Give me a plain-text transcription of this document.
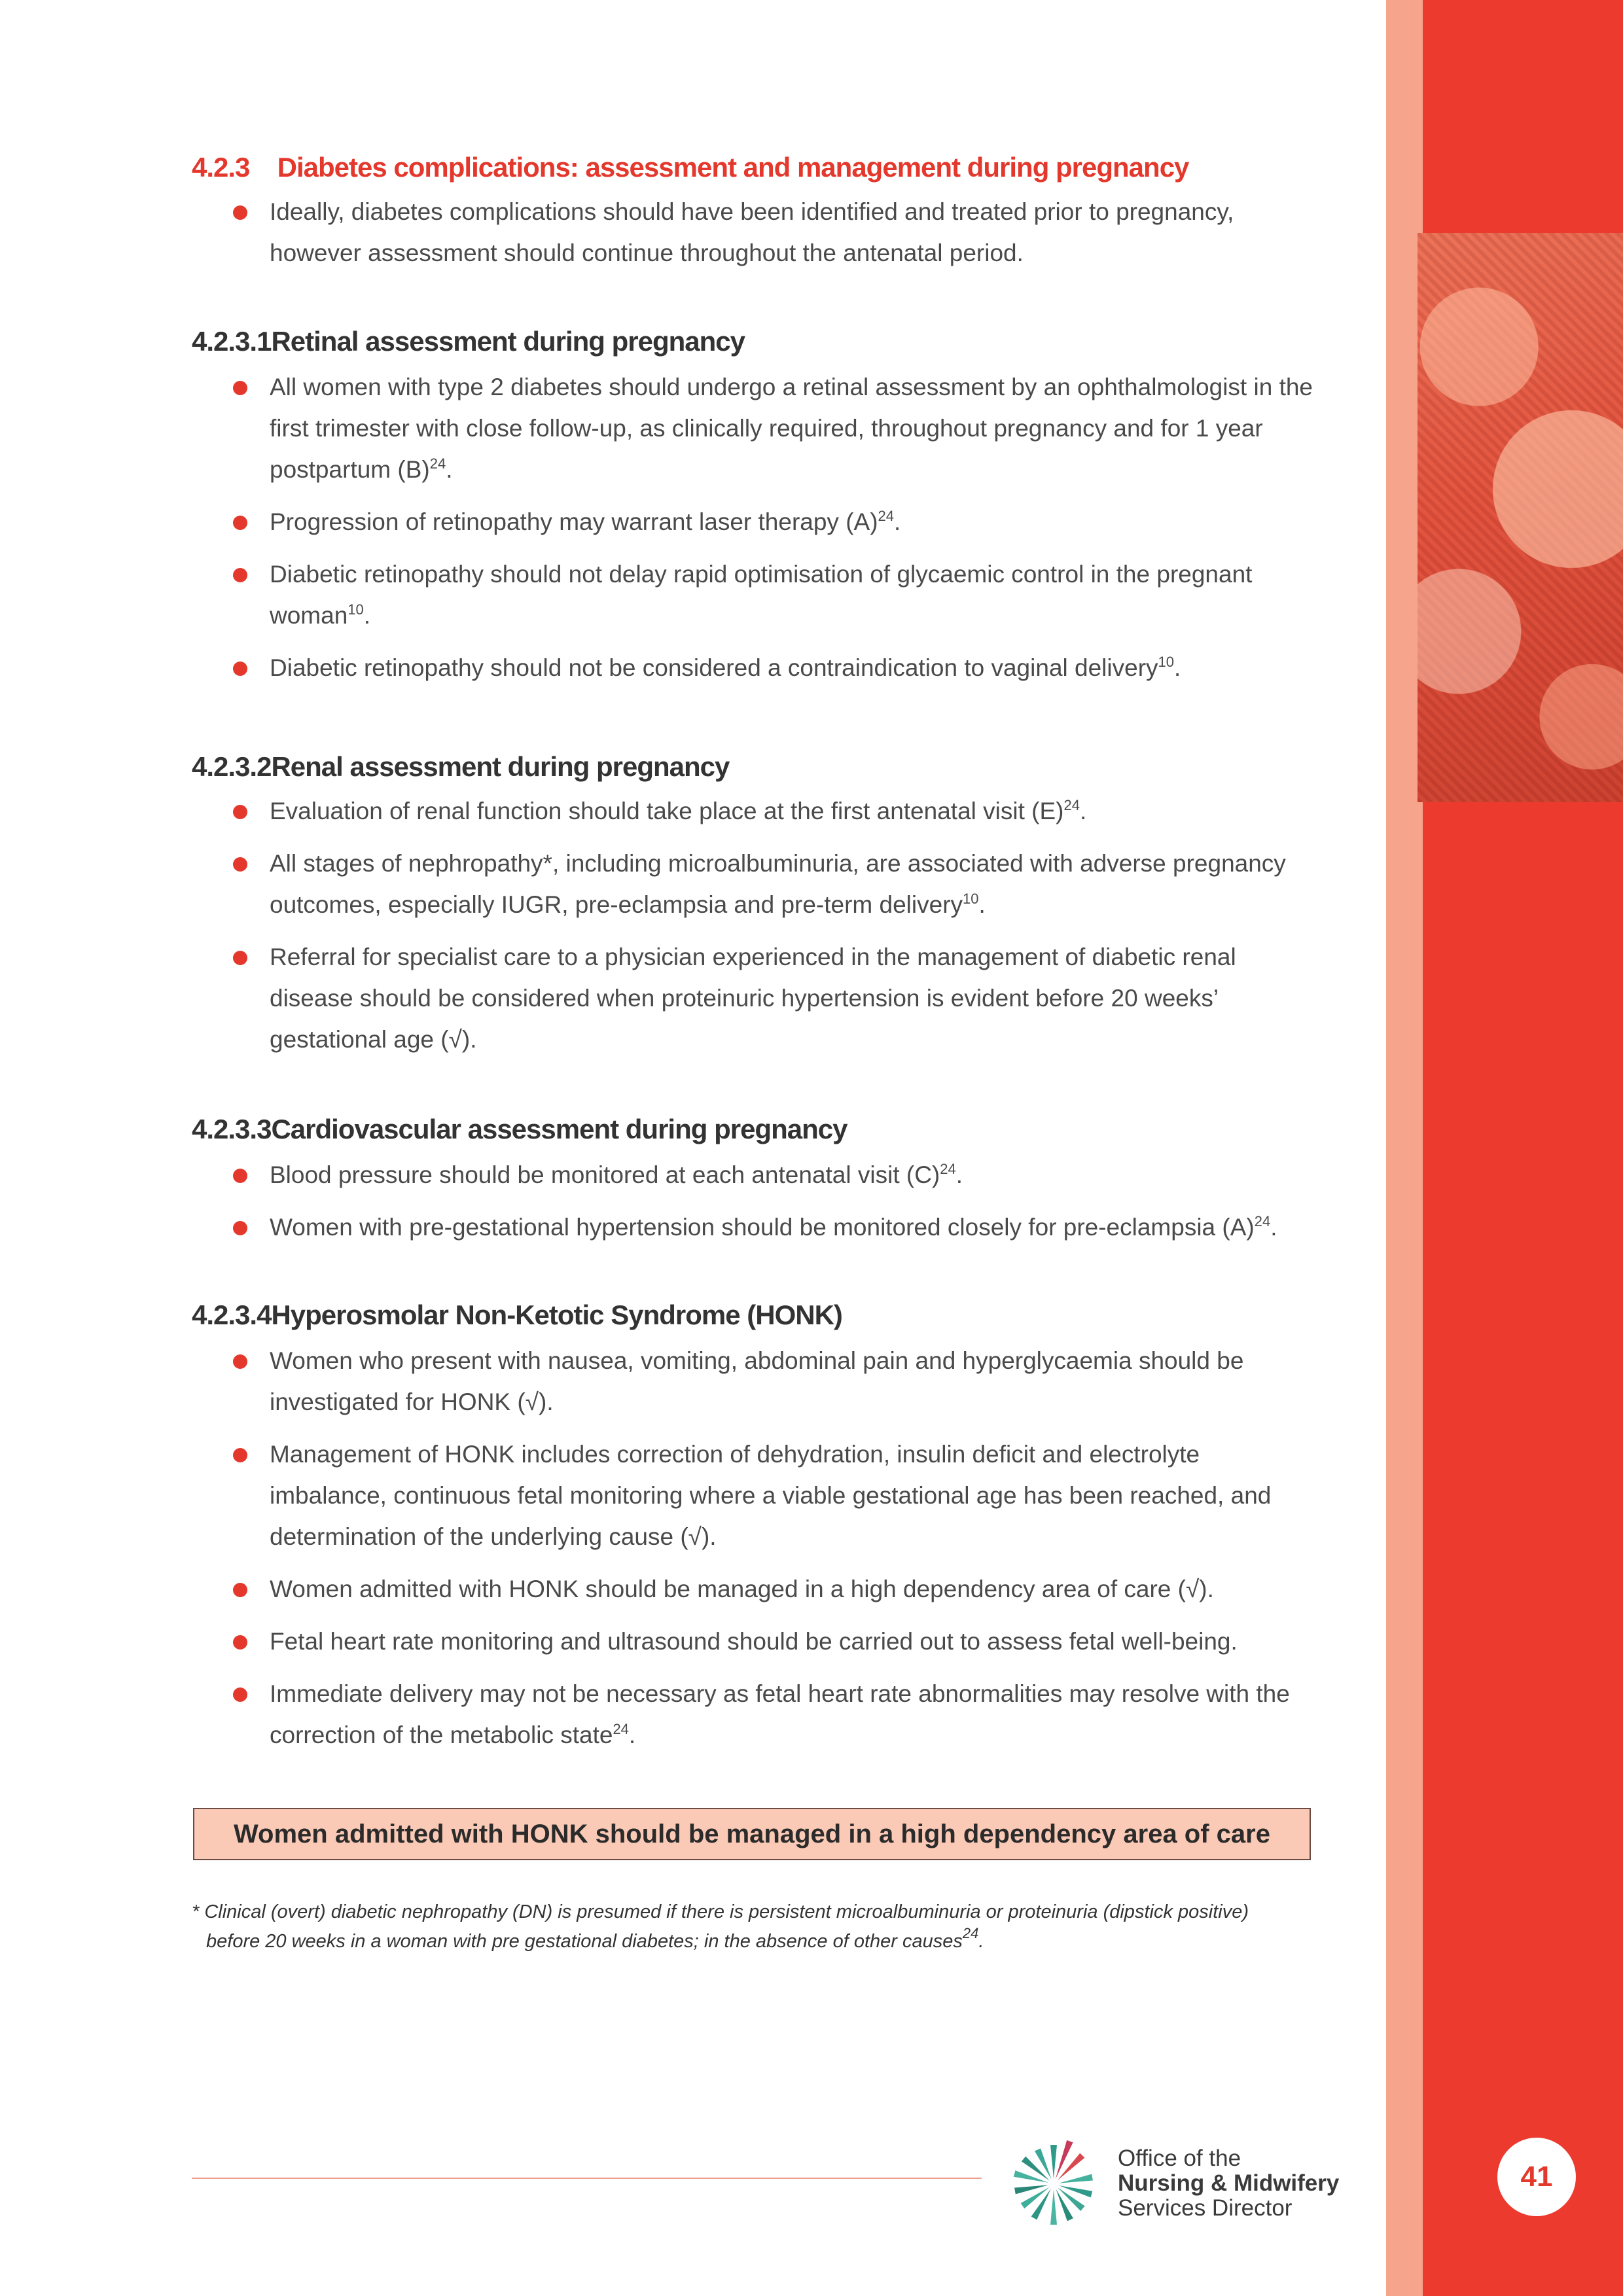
4.2.3 Diabetes complications: assessment and management during pregnancy
Ideally, diabetes complications should have been identified and treated prior to pregnancy, however assessment should continue throughout the antenatal period.
4.2.3.1Retinal assessment during pregnancy
All women with type 2 diabetes should undergo a retinal assessment by an ophthalmologist in the first trimester with close follow-up, as clinically required, throughout pregnancy and for 1 year postpartum $(B)^{24}$.
Progression of retinopathy may warrant laser therapy $(A)^{24}$.
Diabetic retinopathy should not delay rapid optimisation of glycaemic control in the pregnant woman$^{10}$.
Diabetic retinopathy should not be considered a contraindication to vaginal delivery$^{10}$.
4.2.3.2Renal assessment during pregnancy
Evaluation of renal function should take place at the first antenatal visit $(E)^{24}$.
All stages of nephropathy*, including microalbuminuria, are associated with adverse pregnancy outcomes, especially IUGR, pre-eclampsia and pre-term delivery$^{10}$.
Referral for specialist care to a physician experienced in the management of diabetic renal disease should be considered when proteinuric hypertension is evident before 20 weeks’ gestational age (√).
4.2.3.3Cardiovascular assessment during pregnancy
Blood pressure should be monitored at each antenatal visit $(C)^{24}$.
Women with pre-gestational hypertension should be monitored closely for pre-eclampsia $(A)^{24}$.
4.2.3.4Hyperosmolar Non-Ketotic Syndrome (HONK)
Women who present with nausea, vomiting, abdominal pain and hyperglycaemia should be investigated for HONK (√).
Management of HONK includes correction of dehydration, insulin deficit and electrolyte imbalance, continuous fetal monitoring where a viable gestational age has been reached, and determination of the underlying cause (√).
Women admitted with HONK should be managed in a high dependency area of care (√).
Fetal heart rate monitoring and ultrasound should be carried out to assess fetal well-being.
Immediate delivery may not be necessary as fetal heart rate abnormalities may resolve with the correction of the metabolic state$^{24}$.
Women admitted with HONK should be managed in a high dependency area of care
* Clinical (overt) diabetic nephropathy (DN) is presumed if there is persistent microalbuminuria or proteinuria (dipstick positive)
before 20 weeks in a woman with pre gestational diabetes; in the absence of other causes$^{24}$.
Office of the
Nursing & Midwifery
Services Director
41
